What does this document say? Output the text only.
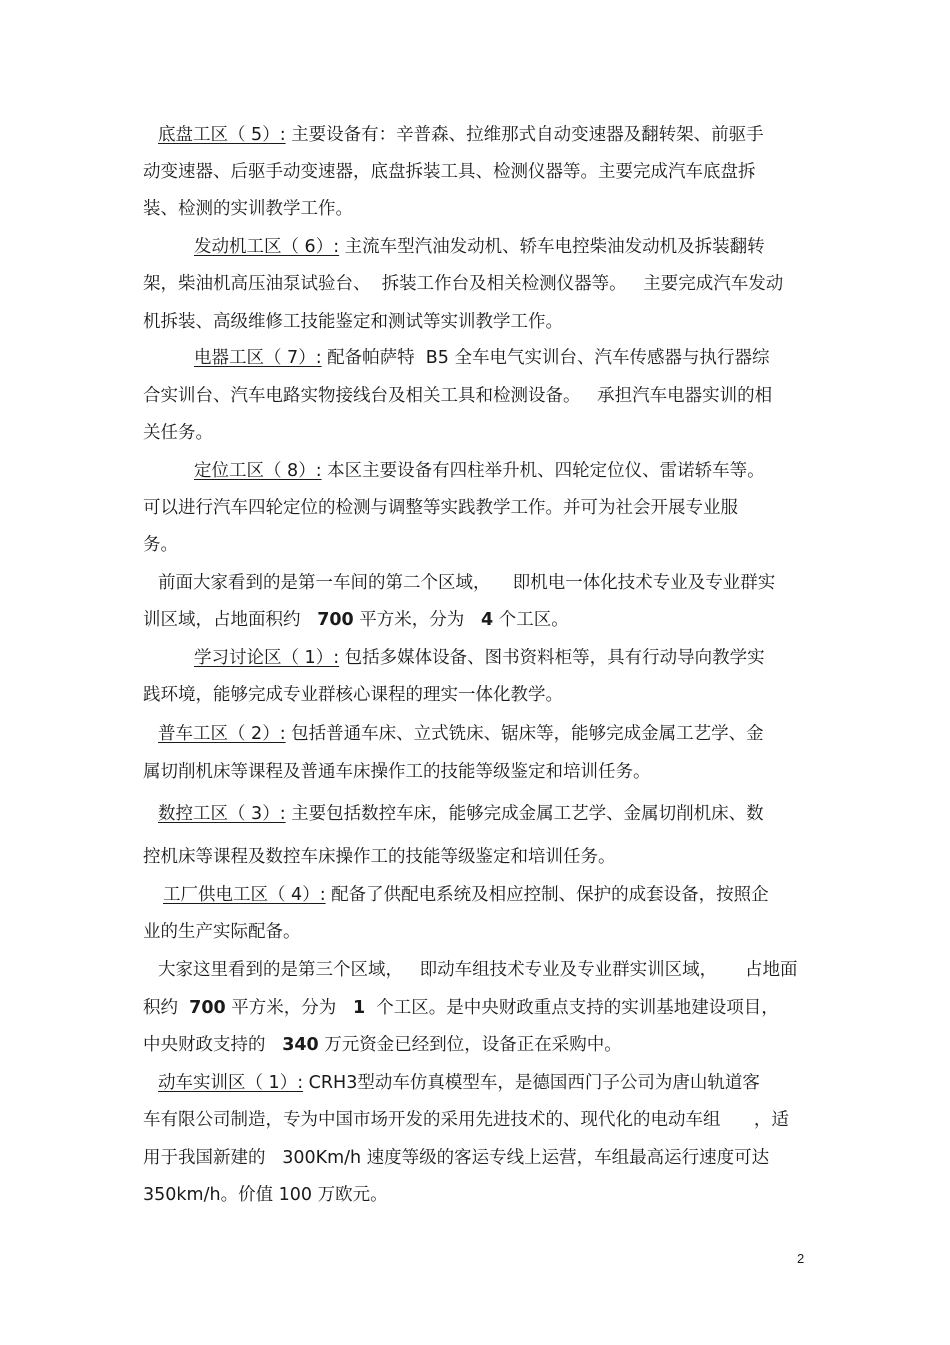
底盘工区（ 5）: 主要设备有：辛普森、拉维那式自动变速器及翻转架、前驱手
动变速器、后驱手动变速器，底盘拆装工具、检测仪器等。主要完成汽车底盘拆
装、检测的实训教学工作。
发动机工区（ 6）: 主流车型汽油发动机、轿车电控柴油发动机及拆装翻转
架，柴油机高压油泵试验台、  拆装工作台及相关检测仪器等。   主要完成汽车发动
机拆装、高级维修工技能鉴定和测试等实训教学工作。
电器工区（ 7）: 配备帕萨特  B5 全车电气实训台、汽车传感器与执行器综
合实训台、汽车电路实物接线台及相关工具和检测设备。   承担汽车电器实训的相
关任务。
定位工区（ 8）: 本区主要设备有四柱举升机、四轮定位仪、雷诺轿车等。
可以进行汽车四轮定位的检测与调整等实践教学工作。并可为社会开展专业服
务。
前面大家看到的是第一车间的第二个区域，    即机电一体化技术专业及专业群实
训区域，占地面积约   700 平方米，分为   4 个工区。
学习讨论区（ 1）: 包括多媒体设备、图书资料柜等，具有行动导向教学实
践环境，能够完成专业群核心课程的理实一体化教学。
普车工区（ 2）: 包括普通车床、立式铣床、锯床等，能够完成金属工艺学、金
属切削机床等课程及普通车床操作工的技能等级鉴定和培训任务。
数控工区（ 3）: 主要包括数控车床，能够完成金属工艺学、金属切削机床、数
控机床等课程及数控车床操作工的技能等级鉴定和培训任务。
工厂供电工区（ 4）: 配备了供配电系统及相应控制、保护的成套设备，按照企
业的生产实际配备。
大家这里看到的是第三个区域，   即动车组技术专业及专业群实训区域，     占地面
积约  700 平方米，分为   1  个工区。是中央财政重点支持的实训基地建设项目，
中央财政支持的   340 万元资金已经到位，设备正在采购中。
动车实训区（ 1）: CRH3型动车仿真模型车，是德国西门子公司为唐山轨道客
车有限公司制造，专为中国市场开发的采用先进技术的、现代化的电动车组      ，适
用于我国新建的   300Km/h 速度等级的客运专线上运营，车组最高运行速度可达
350km/h。价值 100 万欧元。
2
